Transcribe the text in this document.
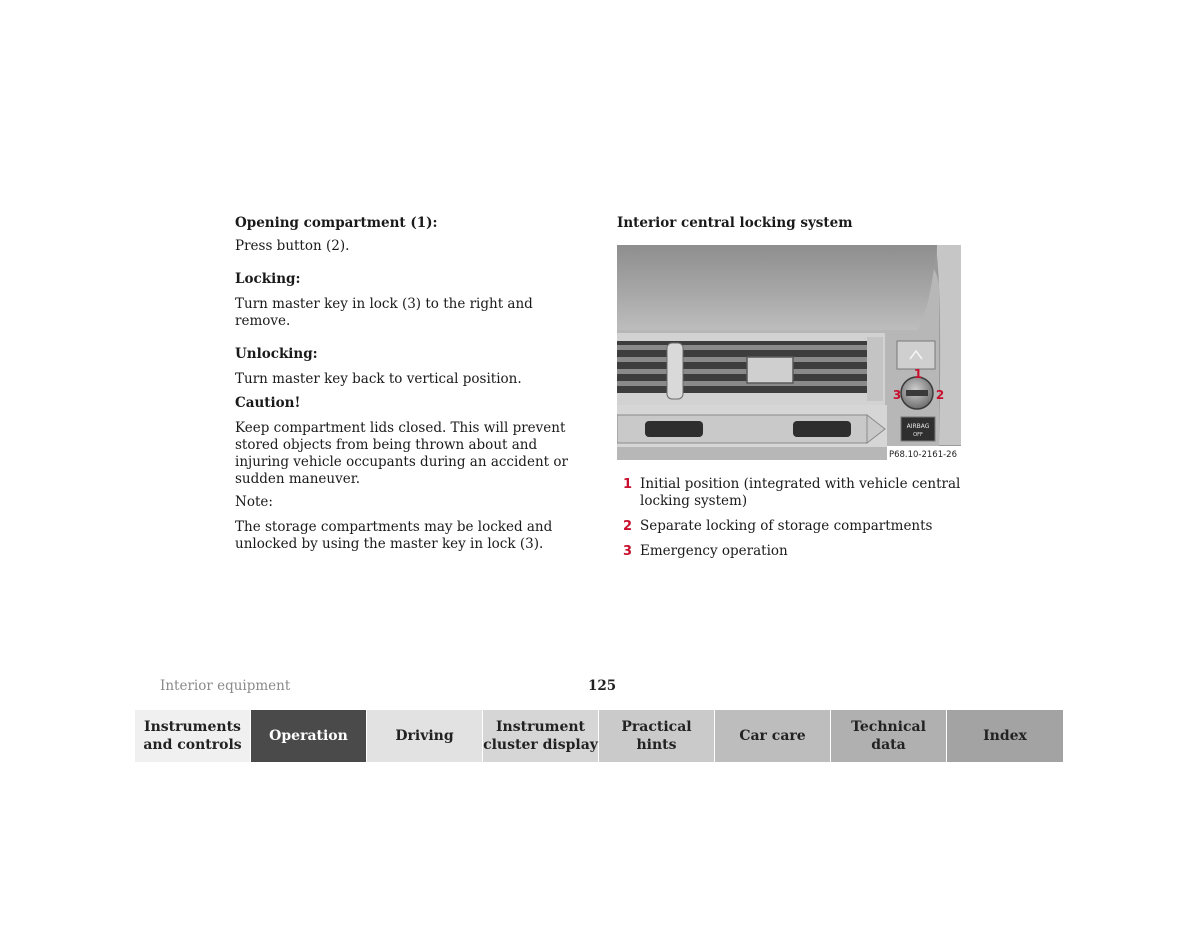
Opening compartment (1):

Press button (2).

Locking:

Turn master key in lock (3) to the right and remove.

Unlocking:

Turn master key back to vertical position.

Caution!

Keep compartment lids closed. This will prevent stored objects from being thrown about and injuring vehicle occupants during an accident or sudden maneuver.

Note:

The storage compartments may be locked and unlocked by using the master key in lock (3).

Interior central locking system

AIRBAG
OFF
1
2
3
P68.10-2161-26
1 Initial position (integrated with vehicle central locking system)
2 Separate locking of storage compartments
3 Emergency operation
Interior equipment	125
Instruments
and controls
Operation	Driving
Instrument
cluster display
Practical hints
Car care
Technical
data
Index
